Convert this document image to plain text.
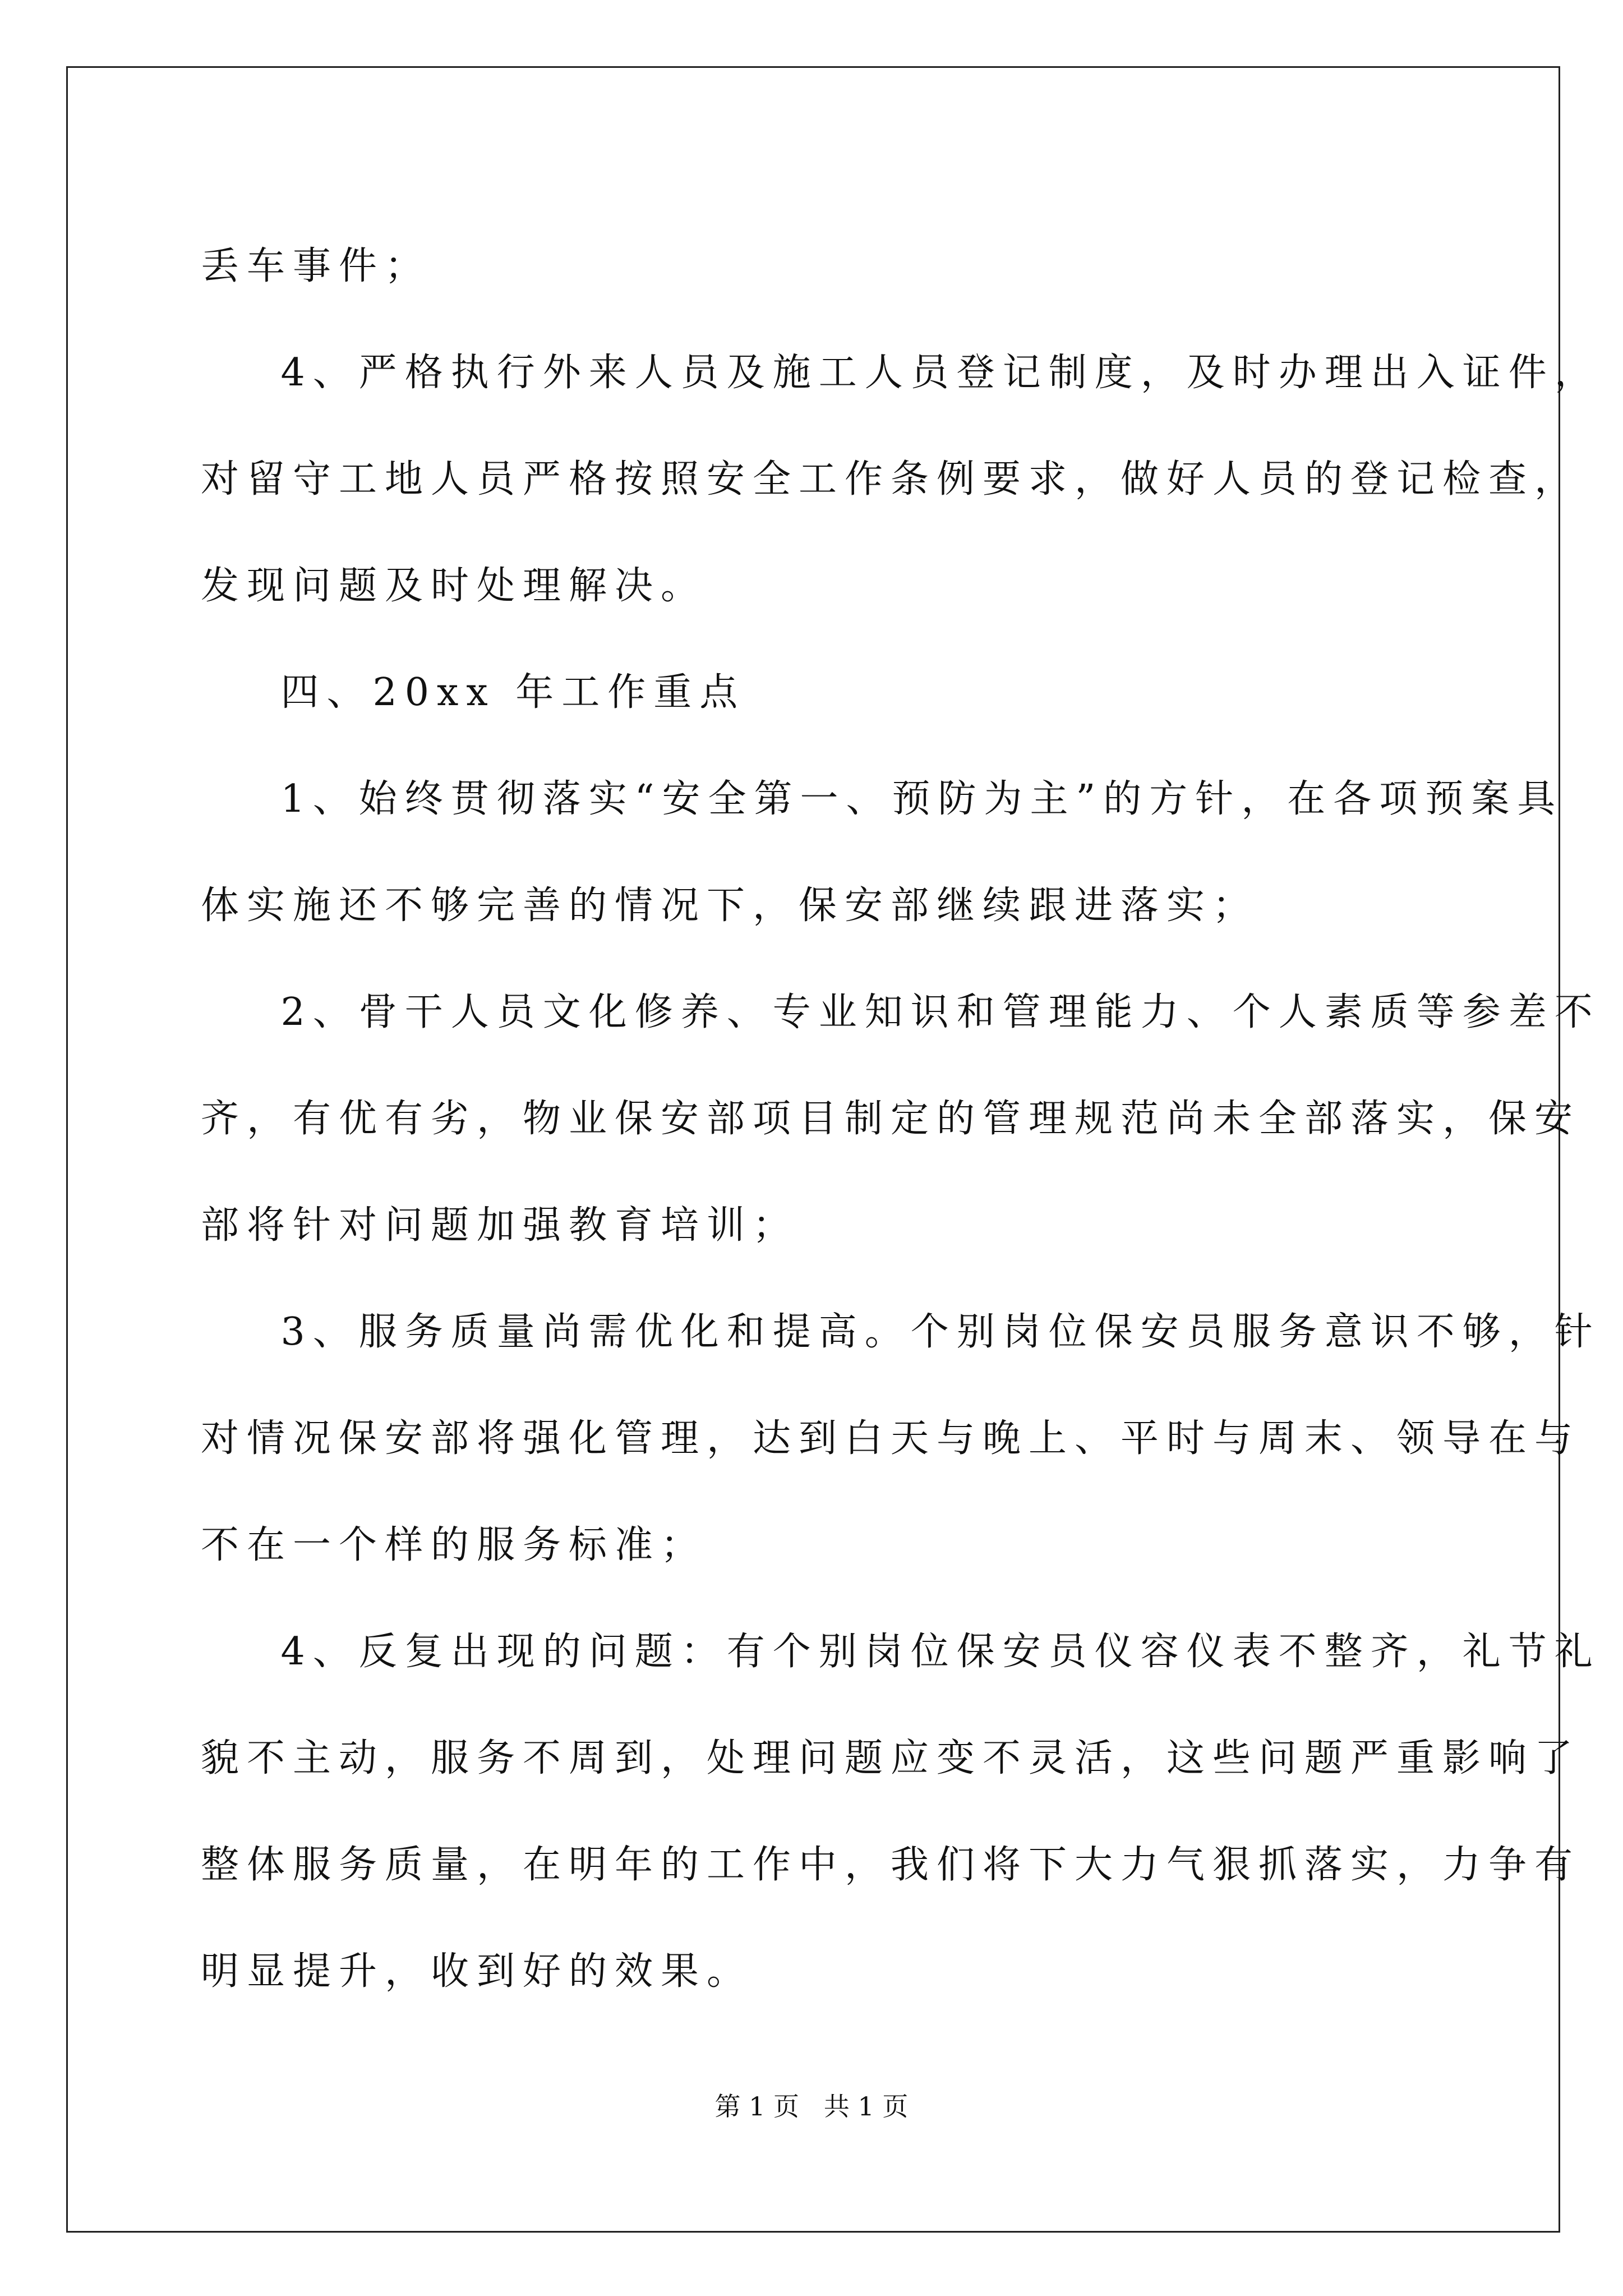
丢车事件；

4、严格执行外来人员及施工人员登记制度，及时办理出入证件，

对留守工地人员严格按照安全工作条例要求，做好人员的登记检查，

发现问题及时处理解决。

四、20xx 年工作重点

1、始终贯彻落实“安全第一、预防为主”的方针，在各项预案具

体实施还不够完善的情况下，保安部继续跟进落实；

2、骨干人员文化修养、专业知识和管理能力、个人素质等参差不

齐，有优有劣，物业保安部项目制定的管理规范尚未全部落实，保安

部将针对问题加强教育培训；

3、服务质量尚需优化和提高。个别岗位保安员服务意识不够，针

对情况保安部将强化管理，达到白天与晚上、平时与周末、领导在与

不在一个样的服务标准；

4、反复出现的问题：有个别岗位保安员仪容仪表不整齐，礼节礼

貌不主动，服务不周到，处理问题应变不灵活，这些问题严重影响了

整体服务质量，在明年的工作中，我们将下大力气狠抓落实，力争有

明显提升，收到好的效果。

第 1 页   共 1 页
